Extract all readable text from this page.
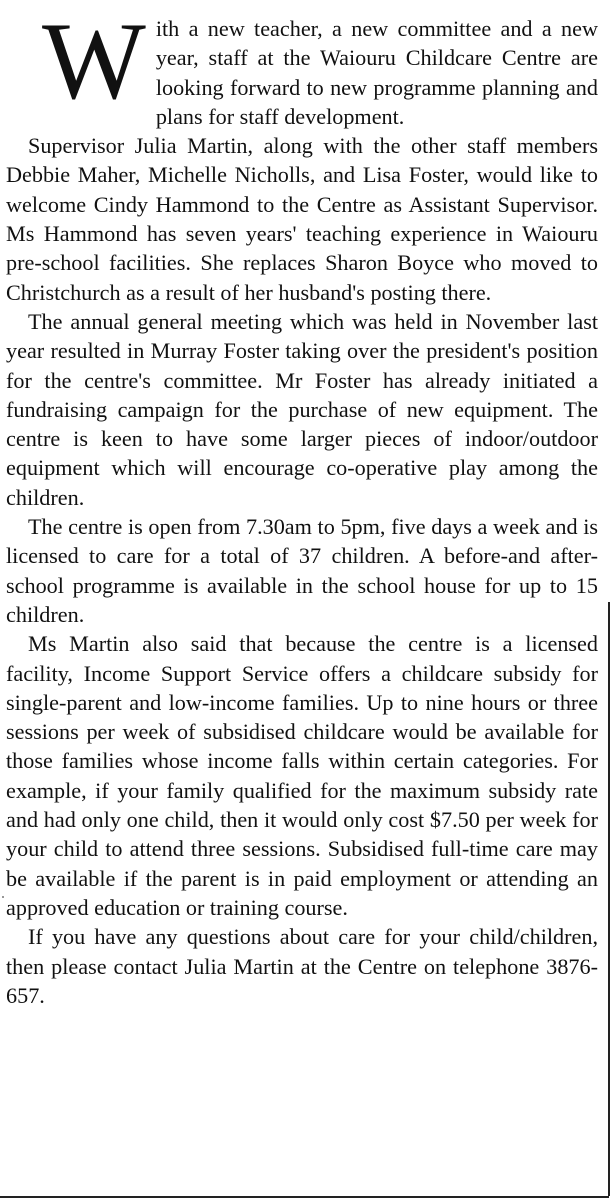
With a new teacher, a new committee and a new year, staff at the Waiouru Childcare Centre are looking forward to new programme planning and plans for staff development.

Supervisor Julia Martin, along with the other staff members Debbie Maher, Michelle Nicholls, and Lisa Foster, would like to welcome Cindy Hammond to the Centre as Assistant Supervisor. Ms Hammond has seven years' teaching experience in Waiouru pre-school facilities. She replaces Sharon Boyce who moved to Christchurch as a result of her husband's posting there.

The annual general meeting which was held in November last year resulted in Murray Foster taking over the president's position for the centre's committee. Mr Foster has already initiated a fundraising campaign for the purchase of new equipment. The centre is keen to have some larger pieces of indoor/outdoor equipment which will encourage co-operative play among the children.

The centre is open from 7.30am to 5pm, five days a week and is licensed to care for a total of 37 children. A before-and after-school programme is available in the school house for up to 15 children.

Ms Martin also said that because the centre is a licensed facility, Income Support Service offers a childcare subsidy for single-parent and low-income families. Up to nine hours or three sessions per week of subsidised childcare would be available for those families whose income falls within certain categories. For example, if your family qualified for the maximum subsidy rate and had only one child, then it would only cost $7.50 per week for your child to attend three sessions. Subsidised full-time care may be available if the parent is in paid employment or attending an approved education or training course.

If you have any questions about care for your child/children, then please contact Julia Martin at the Centre on telephone 3876-657.
